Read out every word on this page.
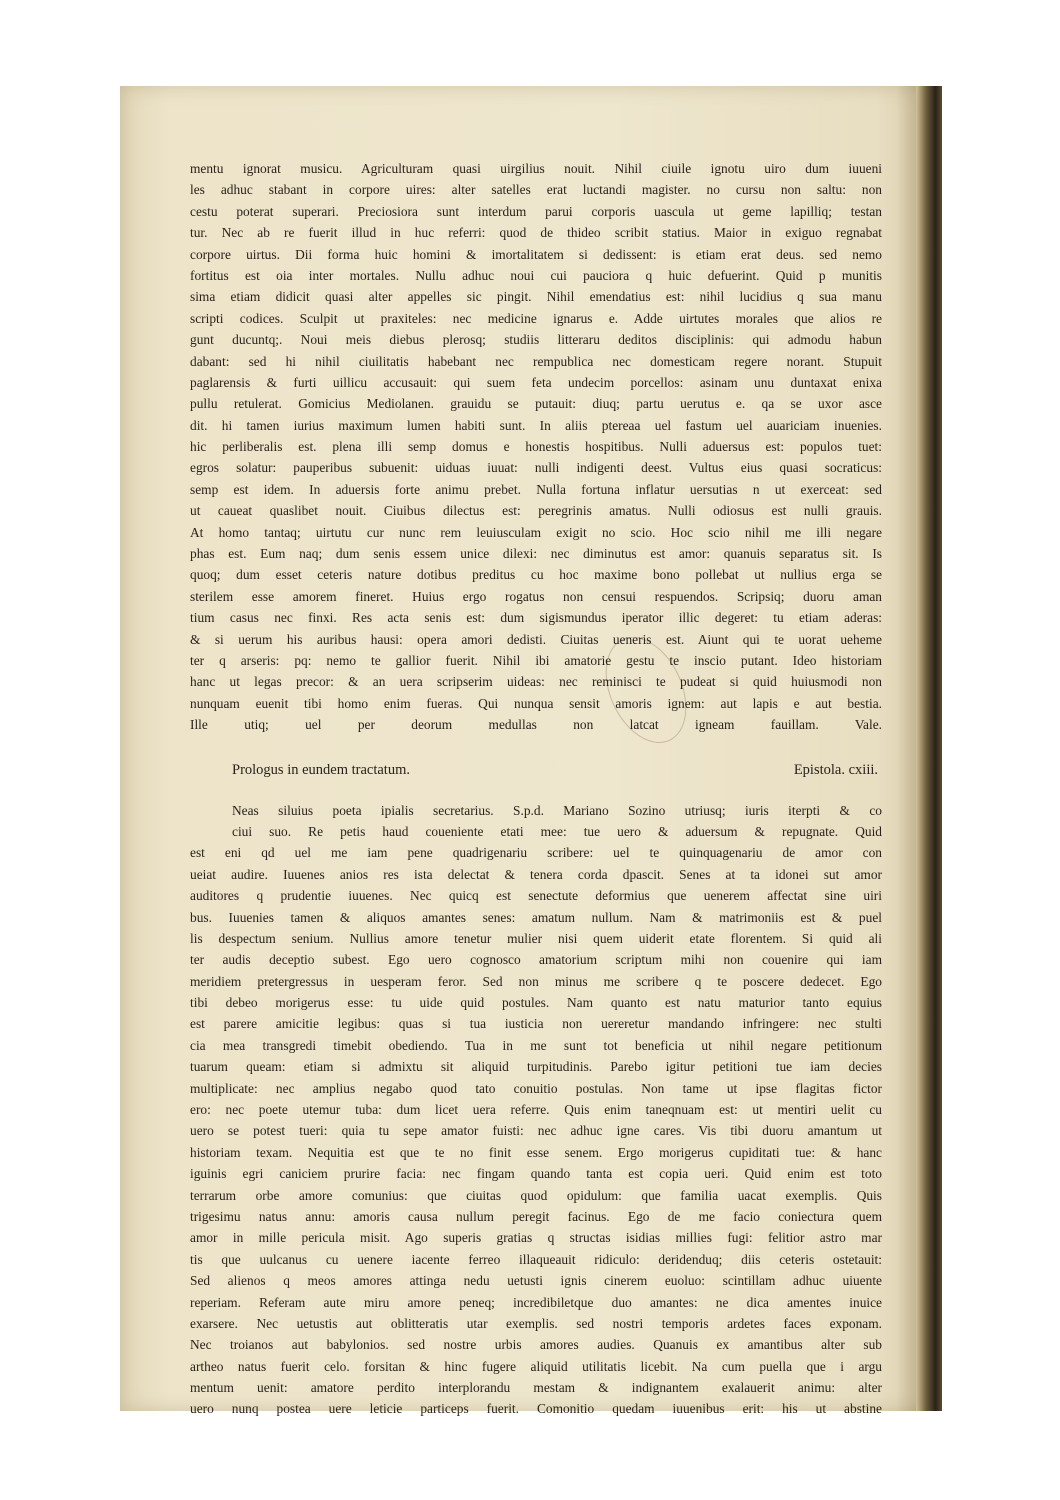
mentu ignorat musicu. Agriculturam quasi uirgilius nouit. Nihil ciuile ignotu uiro dum iuueni
les adhuc stabant in corpore uires: alter satelles erat luctandi magister. no cursu non saltu: non
cestu poterat superari. Preciosiora sunt interdum parui corporis uascula ut geme lapilliq; testan
tur. Nec ab re fuerit illud in huc referri: quod de thideo scribit statius. Maior in exiguo regnabat
corpore uirtus. Dii forma huic homini & imortalitatem si dedissent: is etiam erat deus. sed nemo
fortitus est oia inter mortales. Nullu adhuc noui cui pauciora q huic defuerint. Quid p munitis
sima etiam didicit quasi alter appelles sic pingit. Nihil emendatius est: nihil lucidius q sua manu
scripti codices. Sculpit ut praxiteles: nec medicine ignarus e. Adde uirtutes morales que alios re
gunt ducuntq;. Noui meis diebus plerosq; studiis litteraru deditos disciplinis: qui admodu habun
dabant: sed hi nihil ciuilitatis habebant nec rempublica nec domesticam regere norant. Stupuit
paglarensis & furti uillicu accusauit: qui suem feta undecim porcellos: asinam unu duntaxat enixa
pullu retulerat. Gomicius Mediolanen. grauidu se putauit: diuq; partu uerutus e. qa se uxor asce
dit. hi tamen iurius maximum lumen habiti sunt. In aliis ptereaa uel fastum uel auariciam inuenies.
hic perliberalis est. plena illi semp domus e honestis hospitibus. Nulli aduersus est: populos tuet:
egros solatur: pauperibus subuenit: uiduas iuuat: nulli indigenti deest. Vultus eius quasi socraticus:
semp est idem. In aduersis forte animu prebet. Nulla fortuna inflatur uersutias n ut exerceat: sed
ut caueat quaslibet nouit. Ciuibus dilectus est: peregrinis amatus. Nulli odiosus est nulli grauis.
At homo tantaq; uirtutu cur nunc rem leuiusculam exigit no scio. Hoc scio nihil me illi negare
phas est. Eum naq; dum senis essem unice dilexi: nec diminutus est amor: quanuis separatus sit. Is
quoq; dum esset ceteris nature dotibus preditus cu hoc maxime bono pollebat ut nullius erga se
sterilem esse amorem fineret. Huius ergo rogatus non censui respuendos. Scripsiq; duoru aman
tium casus nec finxi. Res acta senis est: dum sigismundus iperator illic degeret: tu etiam aderas:
& si uerum his auribus hausi: opera amori dedisti. Ciuitas ueneris est. Aiunt qui te uorat ueheme
ter q arseris: pq: nemo te gallior fuerit. Nihil ibi amatorie gestu te inscio putant. Ideo historiam
hanc ut legas precor: & an uera scripserim uideas: nec reminisci te pudeat si quid huiusmodi non
nunquam euenit tibi homo enim fueras. Qui nunqua sensit amoris ignem: aut lapis e aut bestia.
Ille utiq; uel per deorum medullas non latcat igneam fauillam. Vale.
Prologus in eundem tractatum.	Epistola. cxiii.
Neas siluius poeta ipialis secretarius. S.p.d. Mariano Sozino utriusq; iuris iterpti & co
ciui suo. Re petis haud coueniente etati mee: tue uero & aduersum & repugnate. Quid
est eni qd uel me iam pene quadrigenariu scribere: uel te quinquagenariu de amor con
ueiat audire. Iuuenes anios res ista delectat & tenera corda dpascit. Senes at ta idonei sut amor
auditores q prudentie iuuenes. Nec quicq est senectute deformius que uenerem affectat sine uiri
bus. Iuuenies tamen & aliquos amantes senes: amatum nullum. Nam & matrimoniis est & puel
lis despectum senium. Nullius amore tenetur mulier nisi quem uiderit etate florentem. Si quid ali
ter audis deceptio subest. Ego uero cognosco amatorium scriptum mihi non couenire qui iam
meridiem pretergressus in uesperam feror. Sed non minus me scribere q te poscere dedecet. Ego
tibi debeo morigerus esse: tu uide quid postules. Nam quanto est natu maturior tanto equius
est parere amicitie legibus: quas si tua iusticia non uereretur mandando infringere: nec stulti
cia mea transgredi timebit obediendo. Tua in me sunt tot beneficia ut nihil negare petitionum
tuarum queam: etiam si admixtu sit aliquid turpitudinis. Parebo igitur petitioni tue iam decies
multiplicate: nec amplius negabo quod tato conuitio postulas. Non tame ut ipse flagitas fictor
ero: nec poete utemur tuba: dum licet uera referre. Quis enim taneqnuam est: ut mentiri uelit cu
uero se potest tueri: quia tu sepe amator fuisti: nec adhuc igne cares. Vis tibi duoru amantum ut
historiam texam. Nequitia est que te no finit esse senem. Ergo morigerus cupiditati tue: & hanc
iguinis egri caniciem prurire facia: nec fingam quando tanta est copia ueri. Quid enim est toto
terrarum orbe amore comunius: que ciuitas quod opidulum: que familia uacat exemplis. Quis
trigesimu natus annu: amoris causa nullum peregit facinus. Ego de me facio coniectura quem
amor in mille pericula misit. Ago superis gratias q structas isidias millies fugi: felitior astro mar
tis que uulcanus cu uenere iacente ferreo illaqueauit ridiculo: deridenduq; diis ceteris ostetauit:
Sed alienos q meos amores attinga nedu uetusti ignis cinerem euoluo: scintillam adhuc uiuente
reperiam. Referam aute miru amore peneq; incredibiletque duo amantes: ne dica amentes inuice
exarsere. Nec uetustis aut oblitteratis utar exemplis. sed nostri temporis ardetes faces exponam.
Nec troianos aut babylonios. sed nostre urbis amores audies. Quanuis ex amantibus alter sub
artheo natus fuerit celo. forsitan & hinc fugere aliquid utilitatis licebit. Na cum puella que i argu
mentum uenit: amatore perdito interplorandu mestam & indignantem exalauerit animu: alter
uero nunq postea uere leticie particeps fuerit. Comonitio quedam iuuenibus erit: his ut abstine
